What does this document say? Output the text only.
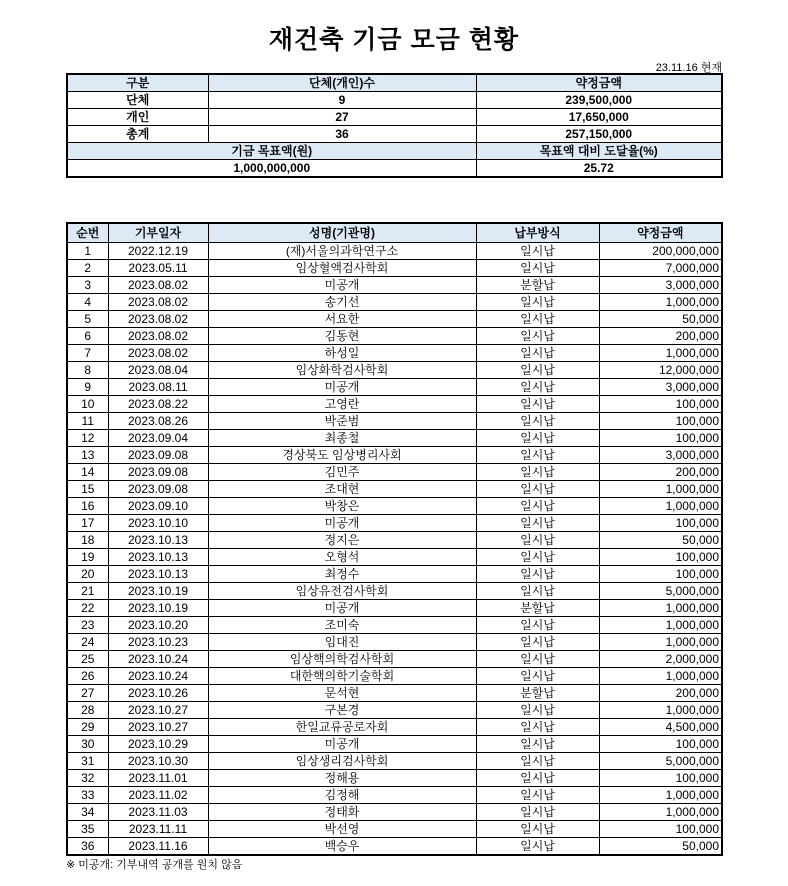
재건축 기금 모금 현황
23.11.16 현재
구분	단체(개인)수	약정금액
단체	9	239,500,000
개인	27	17,650,000
총계	36	257,150,000
기금 목표액(원)		목표액 대비 도달율(%)
1,000,000,000		25.72
순번	기부일자	성명(기관명)	납부방식	약정금액
1	2022.12.19	(재)서울의과학연구소	일시납	200,000,000
2	2023.05.11	임상혈액검사학회	일시납	7,000,000
3	2023.08.02	미공개	분할납	3,000,000
4	2023.08.02	송기선	일시납	1,000,000
5	2023.08.02	서요한	일시납	50,000
6	2023.08.02	김동현	일시납	200,000
7	2023.08.02	하성일	일시납	1,000,000
8	2023.08.04	임상화학검사학회	일시납	12,000,000
9	2023.08.11	미공개	일시납	3,000,000
10	2023.08.22	고영란	일시납	100,000
11	2023.08.26	박준범	일시납	100,000
12	2023.09.04	최종철	일시납	100,000
13	2023.09.08	경상북도 임상병리사회	일시납	3,000,000
14	2023.09.08	김민주	일시납	200,000
15	2023.09.08	조대현	일시납	1,000,000
16	2023.09.10	박창은	일시납	1,000,000
17	2023.10.10	미공개	일시납	100,000
18	2023.10.13	정지은	일시납	50,000
19	2023.10.13	오형석	일시납	100,000
20	2023.10.13	최정수	일시납	100,000
21	2023.10.19	임상유전검사학회	일시납	5,000,000
22	2023.10.19	미공개	분할납	1,000,000
23	2023.10.20	조미숙	일시납	1,000,000
24	2023.10.23	임대진	일시납	1,000,000
25	2023.10.24	임상핵의학검사학회	일시납	2,000,000
26	2023.10.24	대한핵의학기술학회	일시납	1,000,000
27	2023.10.26	문석현	분할납	200,000
28	2023.10.27	구본경	일시납	1,000,000
29	2023.10.27	한일교류공로자회	일시납	4,500,000
30	2023.10.29	미공개	일시납	100,000
31	2023.10.30	임상생리검사학회	일시납	5,000,000
32	2023.11.01	정해용	일시납	100,000
33	2023.11.02	김정해	일시납	1,000,000
34	2023.11.03	정태화	일시납	1,000,000
35	2023.11.11	박선영	일시납	100,000
36	2023.11.16	백승우	일시납	50,000
※ 미공개: 기부내역 공개를 원치 않음
